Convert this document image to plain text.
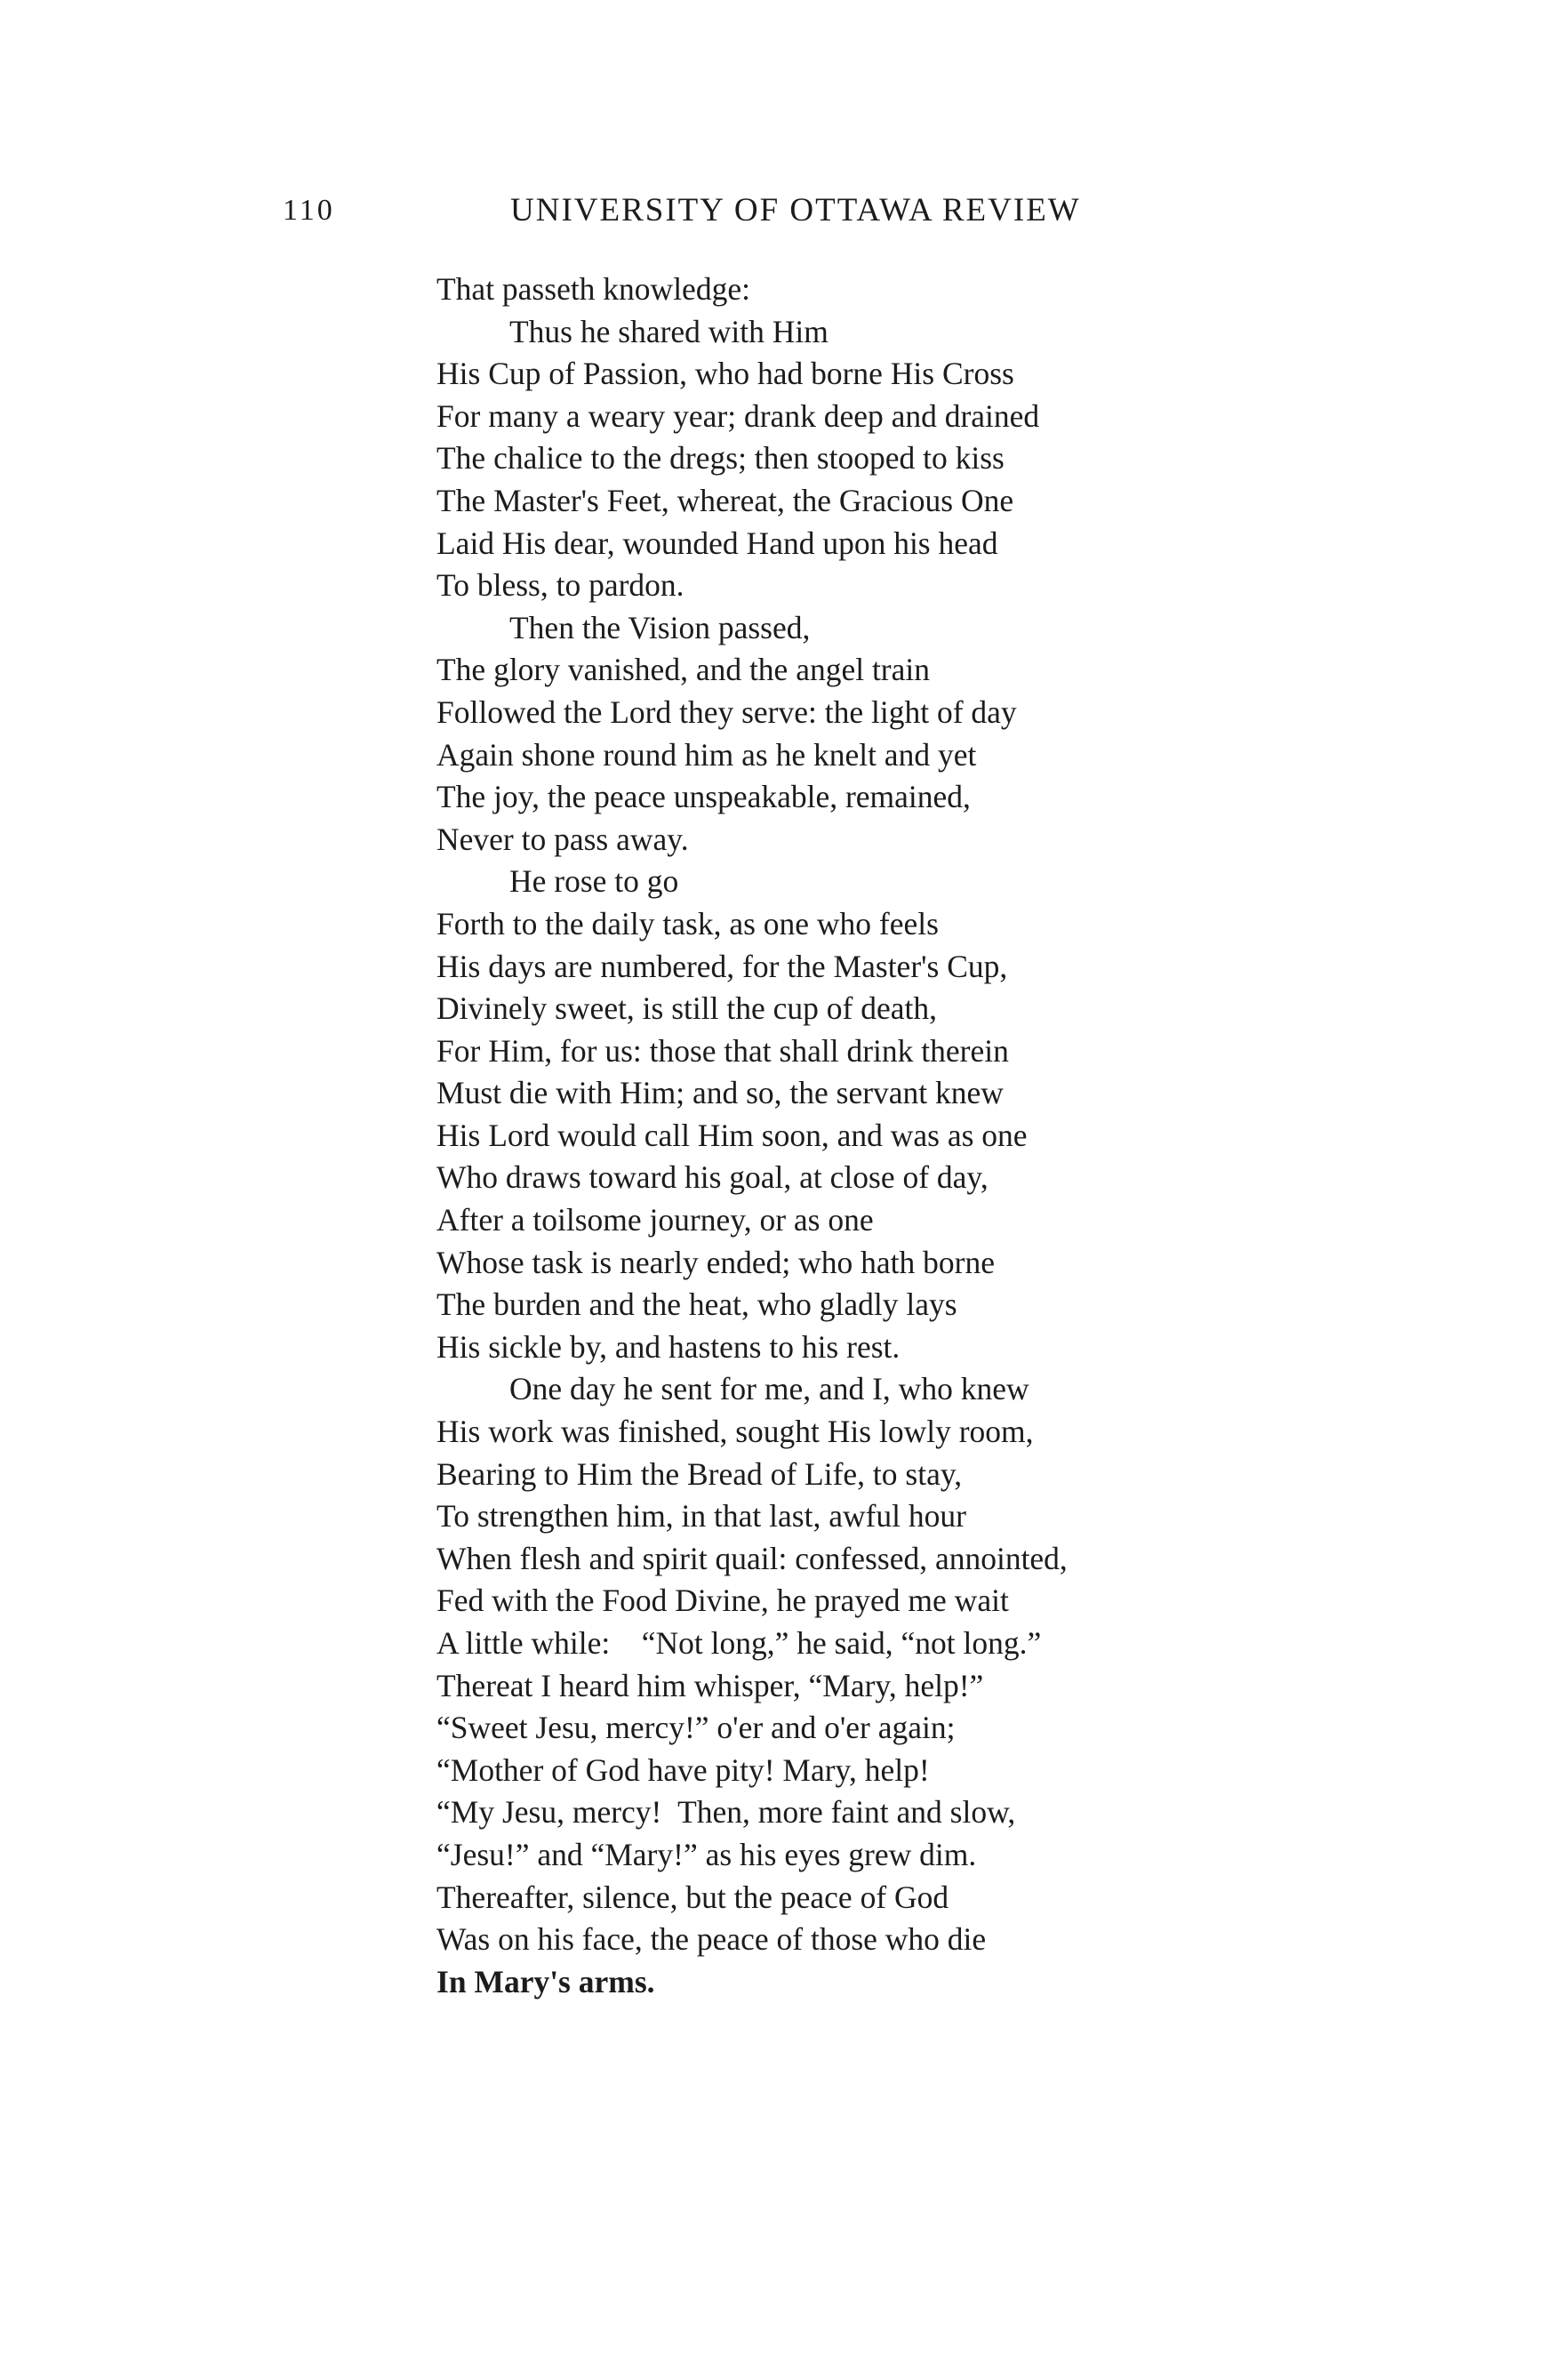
110	UNIVERSITY OF OTTAWA REVIEW
That passeth knowledge:
Thus he shared with Him
His Cup of Passion, who had borne His Cross
For many a weary year; drank deep and drained
The chalice to the dregs; then stooped to kiss
The Master's Feet, whereat, the Gracious One
Laid His dear, wounded Hand upon his head
To bless, to pardon.
Then the Vision passed,
The glory vanished, and the angel train
Followed the Lord they serve: the light of day
Again shone round him as he knelt and yet
The joy, the peace unspeakable, remained,
Never to pass away.
He rose to go
Forth to the daily task, as one who feels
His days are numbered, for the Master's Cup,
Divinely sweet, is still the cup of death,
For Him, for us: those that shall drink therein
Must die with Him; and so, the servant knew
His Lord would call Him soon, and was as one
Who draws toward his goal, at close of day,
After a toilsome journey, or as one
Whose task is nearly ended; who hath borne
The burden and the heat, who gladly lays
His sickle by, and hastens to his rest.
One day he sent for me, and I, who knew
His work was finished, sought His lowly room,
Bearing to Him the Bread of Life, to stay,
To strengthen him, in that last, awful hour
When flesh and spirit quail: confessed, annointed,
Fed with the Food Divine, he prayed me wait
A little while:    “Not long,” he said, “not long.”
Thereat I heard him whisper, “Mary, help!”
“Sweet Jesu, mercy!” o'er and o'er again;
“Mother of God have pity! Mary, help!
“My Jesu, mercy!  Then, more faint and slow,
“Jesu!” and “Mary!” as his eyes grew dim.
Thereafter, silence, but the peace of God
Was on his face, the peace of those who die
In Mary's arms.
